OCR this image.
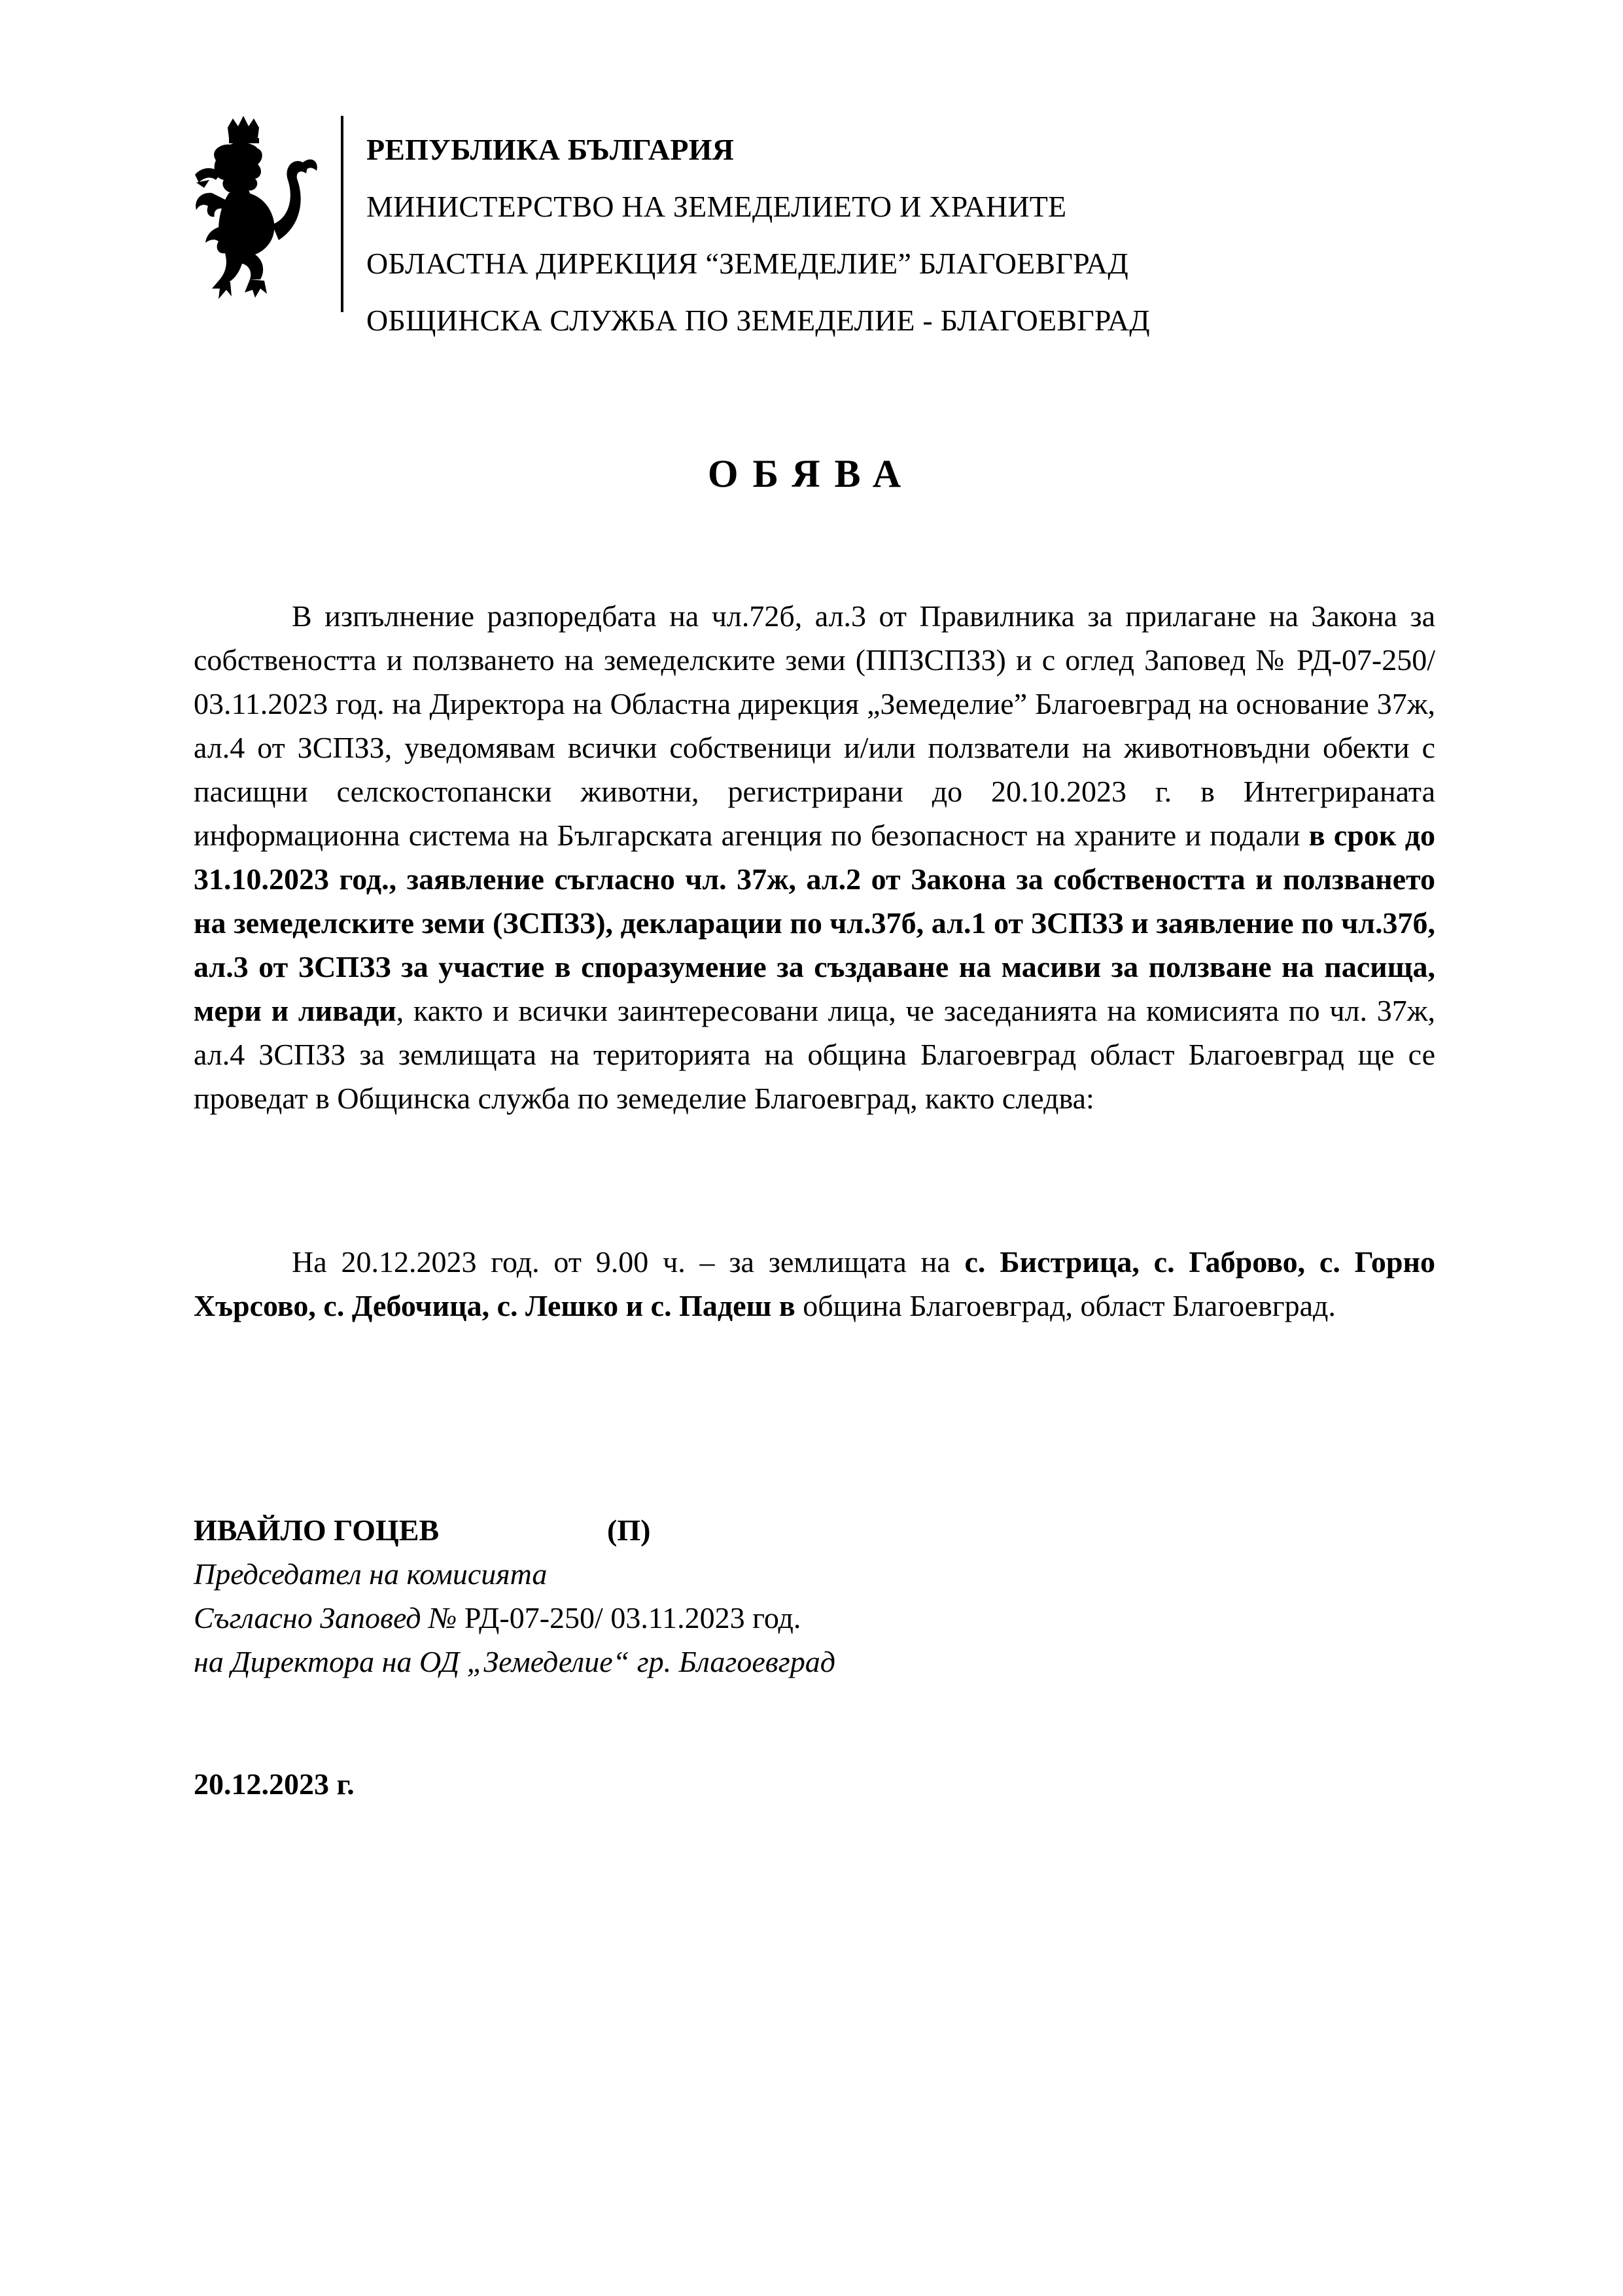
РЕПУБЛИКА БЪЛГАРИЯ
МИНИСТЕРСТВО НА ЗЕМЕДЕЛИЕТО И ХРАНИТЕ
ОБЛАСТНА ДИРЕКЦИЯ “ЗЕМЕДЕЛИЕ” БЛАГОЕВГРАД
ОБЩИНСКА СЛУЖБА ПО ЗЕМЕДЕЛИЕ - БЛАГОЕВГРАД
ОБЯВА
В изпълнение разпоредбата на чл.72б, ал.3 от Правилника за прилагане на Закона за собствеността и ползването на земеделските земи (ППЗСПЗЗ) и с оглед Заповед № РД-07-250/ 03.11.2023 год. на Директора на Областна дирекция „Земеделие” Благоевград на основание 37ж, ал.4 от ЗСПЗЗ, уведомявам всички собственици и/или ползватели на животновъдни обекти с пасищни селскостопански животни, регистрирани до 20.10.2023 г. в Интегрираната информационна система на Българската агенция по безопасност на храните и подали в срок до 31.10.2023 год., заявление съгласно чл. 37ж, ал.2 от Закона за собствеността и ползването на земеделските земи (ЗСПЗЗ), декларации по чл.37б, ал.1 от ЗСПЗЗ и заявление по чл.37б, ал.3 от ЗСПЗЗ за участие в споразумение за създаване на масиви за ползване на пасища, мери и ливади, както и всички заинтересовани лица, че заседанията на комисията по чл. 37ж, ал.4 ЗСПЗЗ за землищата на територията на община Благоевград област Благоевград ще се проведат в Общинска служба по земеделие Благоевград, както следва:
На 20.12.2023 год. от 9.00 ч. – за землищата на с. Бистрица, с. Габрово, с. Горно Хърсово, с. Дебочица, с. Лешко и с. Падеш в община Благоевград, област Благоевград.
ИВАЙЛО ГОЦЕВ	(П)
Председател на комисията
Съгласно Заповед № РД-07-250/ 03.11.2023 год.
на Директора на ОД „Земеделие“ гр. Благоевград
20.12.2023 г.
